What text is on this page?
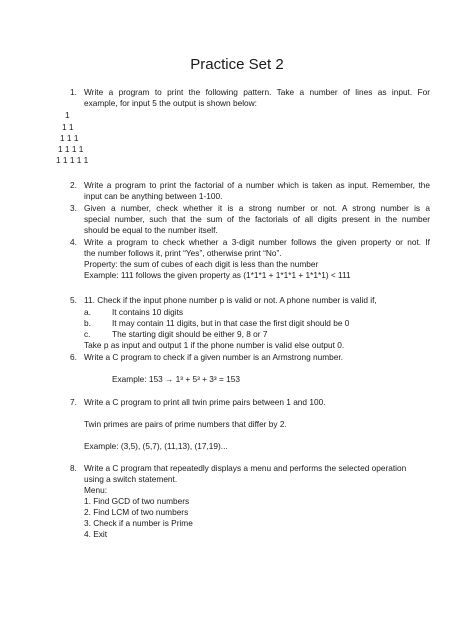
Practice Set 2
1. Write a program to print the following pattern. Take a number of lines as input. For
example, for input 5 the output is shown below:
1
1 1
1 1 1
1 1 1 1
1 1 1 1 1
2. Write a program to print the factorial of a number which is taken as input. Remember, the
input can be anything between 1-100.
3. Given a number, check whether it is a strong number or not. A strong number is a
special number, such that the sum of the factorials of all digits present in the number
should be equal to the number itself.
4. Write a program to check whether a 3-digit number follows the given property or not. If
the number follows it, print “Yes”, otherwise print “No”.
Property: the sum of cubes of each digit is less than the number
Example: 111 follows the given property as (1*1*1 + 1*1*1 + 1*1*1) < 111
5. 11. Check if the input phone number p is valid or not. A phone number is valid if,
a.	It contains 10 digits
b.	It may contain 11 digits, but in that case the first digit should be 0
c.	The starting digit should be either 9, 8 or 7
Take p as input and output 1 if the phone number is valid else output 0.
6. Write a C program to check if a given number is an Armstrong number.
Example: 153 → 1³ + 5³ + 3³ = 153
7. Write a C program to print all twin prime pairs between 1 and 100.
Twin primes are pairs of prime numbers that differ by 2.
Example: (3,5), (5,7), (11,13), (17,19)...
8. Write a C program that repeatedly displays a menu and performs the selected operation
using a switch statement.
Menu:
1. Find GCD of two numbers
2. Find LCM of two numbers
3. Check if a number is Prime
4. Exit
